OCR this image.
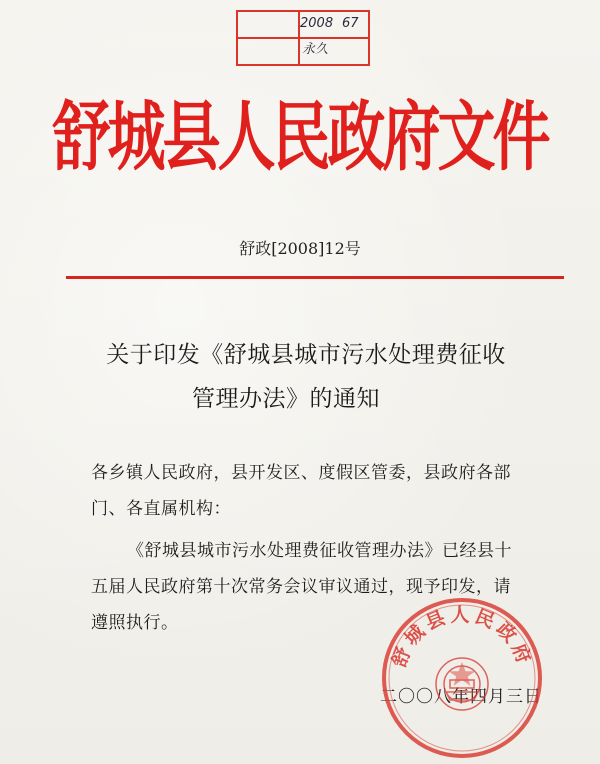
2008 67
永久
舒城县人民政府文件
舒政[2008]12号
关于印发《舒城县城市污水处理费征收
管理办法》的通知
各乡镇人民政府，县开发区、度假区管委，县政府各部
门、各直属机构：
《舒城县城市污水处理费征收管理办法》已经县十
五届人民政府第十次常务会议审议通过，现予印发，请
遵照执行。
二〇〇八年四月三日
舒城县人民政府
